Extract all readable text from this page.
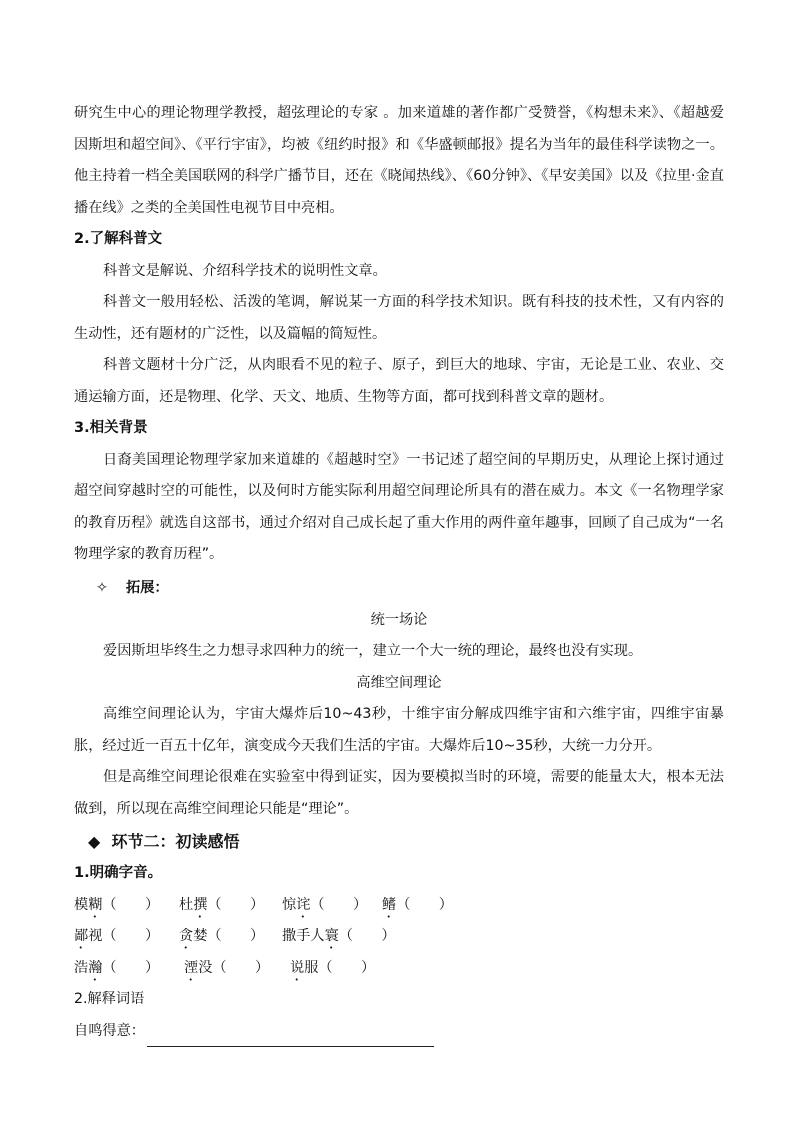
研究生中心的理论物理学教授，超弦理论的专家 。加来道雄的著作都广受赞誉，《构想未来》、《超越爱因斯坦和超空间》、《平行宇宙》，均被《纽约时报》和《华盛顿邮报》提名为当年的最佳科学读物之一。他主持着一档全美国联网的科学广播节目，还在《晓闻热线》、《60分钟》、《早安美国》以及《拉里·金直播在线》之类的全美国性电视节目中亮相。

2.了解科普文

科普文是解说、介绍科学技术的说明性文章。

科普文一般用轻松、活泼的笔调，解说某一方面的科学技术知识。既有科技的技术性，又有内容的生动性，还有题材的广泛性，以及篇幅的简短性。

科普文题材十分广泛，从肉眼看不见的粒子、原子，到巨大的地球、宇宙，无论是工业、农业、交通运输方面，还是物理、化学、天文、地质、生物等方面，都可找到科普文章的题材。

3.相关背景

日裔美国理论物理学家加来道雄的《超越时空》一书记述了超空间的早期历史，从理论上探讨通过超空间穿越时空的可能性，以及何时方能实际利用超空间理论所具有的潜在威力。本文《一名物理学家的教育历程》就选自这部书，通过介绍对自己成长起了重大作用的两件童年趣事，回顾了自己成为“一名物理学家的教育历程”。

✧ 拓展：

统一场论

爱因斯坦毕终生之力想寻求四种力的统一，建立一个大一统的理论，最终也没有实现。

高维空间理论

高维空间理论认为，宇宙大爆炸后10~43秒，十维宇宙分解成四维宇宙和六维宇宙，四维宇宙暴胀，经过近一百五十亿年，演变成今天我们生活的宇宙。大爆炸后10~35秒，大统一力分开。

但是高维空间理论很难在实验室中得到证实，因为要模拟当时的环境，需要的能量太大，根本无法做到，所以现在高维空间理论只能是“理论”。

◆ 环节二：初读感悟

1.明确字音。

模糊（　　）	杜撰（　　）	惊诧（　　）	鳍（　　）
鄙视（　　）	贪婪（　　）	撒手人寰（　　）
浩瀚（　　）	湮没（　　）	说服（　　）

2.解释词语

自鸣得意：
